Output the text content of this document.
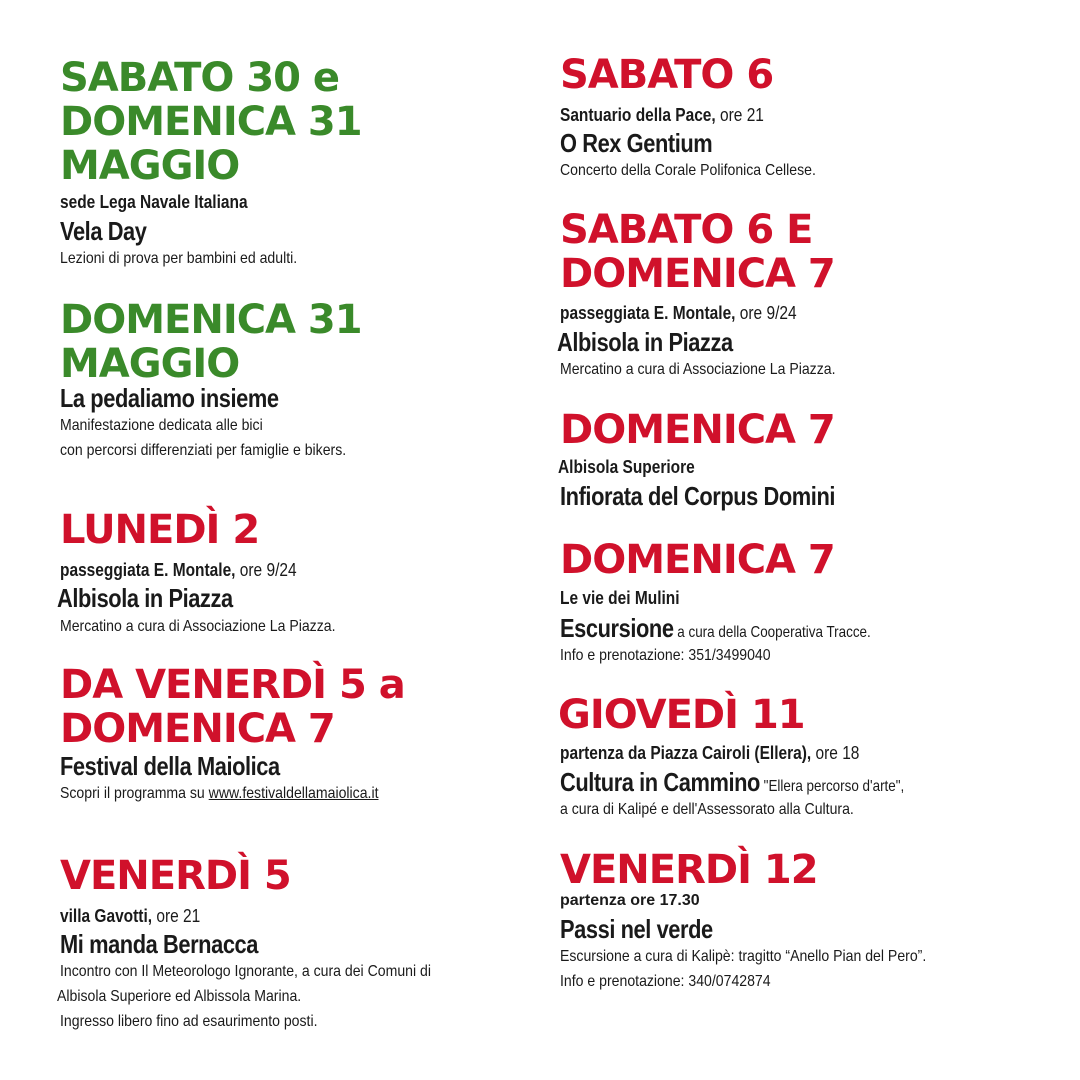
SABATO 30 e
DOMENICA 31
MAGGIO
sede Lega Navale Italiana
Vela Day
Lezioni di prova per bambini ed adulti.
DOMENICA 31
MAGGIO
La pedaliamo insieme
Manifestazione dedicata alle bici
con percorsi differenziati per famiglie e bikers.
LUNEDÌ 2
passeggiata E. Montale, ore 9/24
Albisola in Piazza
Mercatino a cura di Associazione La Piazza.
DA VENERDÌ 5 a
DOMENICA 7
Festival della Maiolica
Scopri il programma su www.festivaldellamaiolica.it
VENERDÌ 5
villa Gavotti, ore 21
Mi manda Bernacca
Incontro con Il Meteorologo Ignorante, a cura dei Comuni di
Albisola Superiore ed Albissola Marina.
Ingresso libero fino ad esaurimento posti.
SABATO 6
Santuario della Pace, ore 21
O Rex Gentium
Concerto della Corale Polifonica Cellese.
SABATO 6 E
DOMENICA 7
passeggiata E. Montale, ore 9/24
Albisola in Piazza
Mercatino a cura di Associazione La Piazza.
DOMENICA 7
Albisola Superiore
Infiorata del Corpus Domini
DOMENICA 7
Le vie dei Mulini
Escursione a cura della Cooperativa Tracce.
Info e prenotazione: 351/3499040
GIOVEDÌ 11
partenza da Piazza Cairoli (Ellera), ore 18
Cultura in Cammino "Ellera percorso d'arte",
a cura di Kalipé e dell'Assessorato alla Cultura.
VENERDÌ 12
partenza ore 17.30
Passi nel verde
Escursione a cura di Kalipè: tragitto “Anello Pian del Pero”.
Info e prenotazione: 340/0742874
